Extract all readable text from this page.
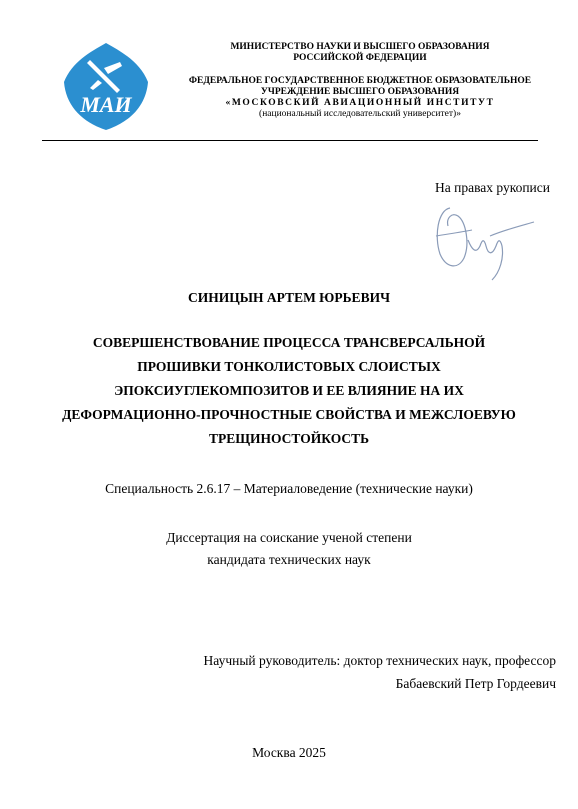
МАИ
МИНИСТЕРСТВО НАУКИ И ВЫСШЕГО ОБРАЗОВАНИЯ
РОССИЙСКОЙ ФЕДЕРАЦИИ
ФЕДЕРАЛЬНОЕ ГОСУДАРСТВЕННОЕ БЮДЖЕТНОЕ ОБРАЗОВАТЕЛЬНОЕ
УЧРЕЖДЕНИЕ ВЫСШЕГО ОБРАЗОВАНИЯ
«МОСКОВСКИЙ АВИАЦИОННЫЙ ИНСТИТУТ
(национальный исследовательский университет)»
На правах рукописи
СИНИЦЫН АРТЕМ ЮРЬЕВИЧ
СОВЕРШЕНСТВОВАНИЕ ПРОЦЕССА ТРАНСВЕРСАЛЬНОЙ
ПРОШИВКИ ТОНКОЛИСТОВЫХ СЛОИСТЫХ
ЭПОКСИУГЛЕКОМПОЗИТОВ И ЕЕ ВЛИЯНИЕ НА ИХ
ДЕФОРМАЦИОННО-ПРОЧНОСТНЫЕ СВОЙСТВА И МЕЖСЛОЕВУЮ
ТРЕЩИНОСТОЙКОСТЬ
Специальность 2.6.17 – Материаловедение (технические науки)
Диссертация на соискание ученой степени
кандидата технических наук
Научный руководитель: доктор технических наук, профессор
Бабаевский Петр Гордеевич
Москва 2025
